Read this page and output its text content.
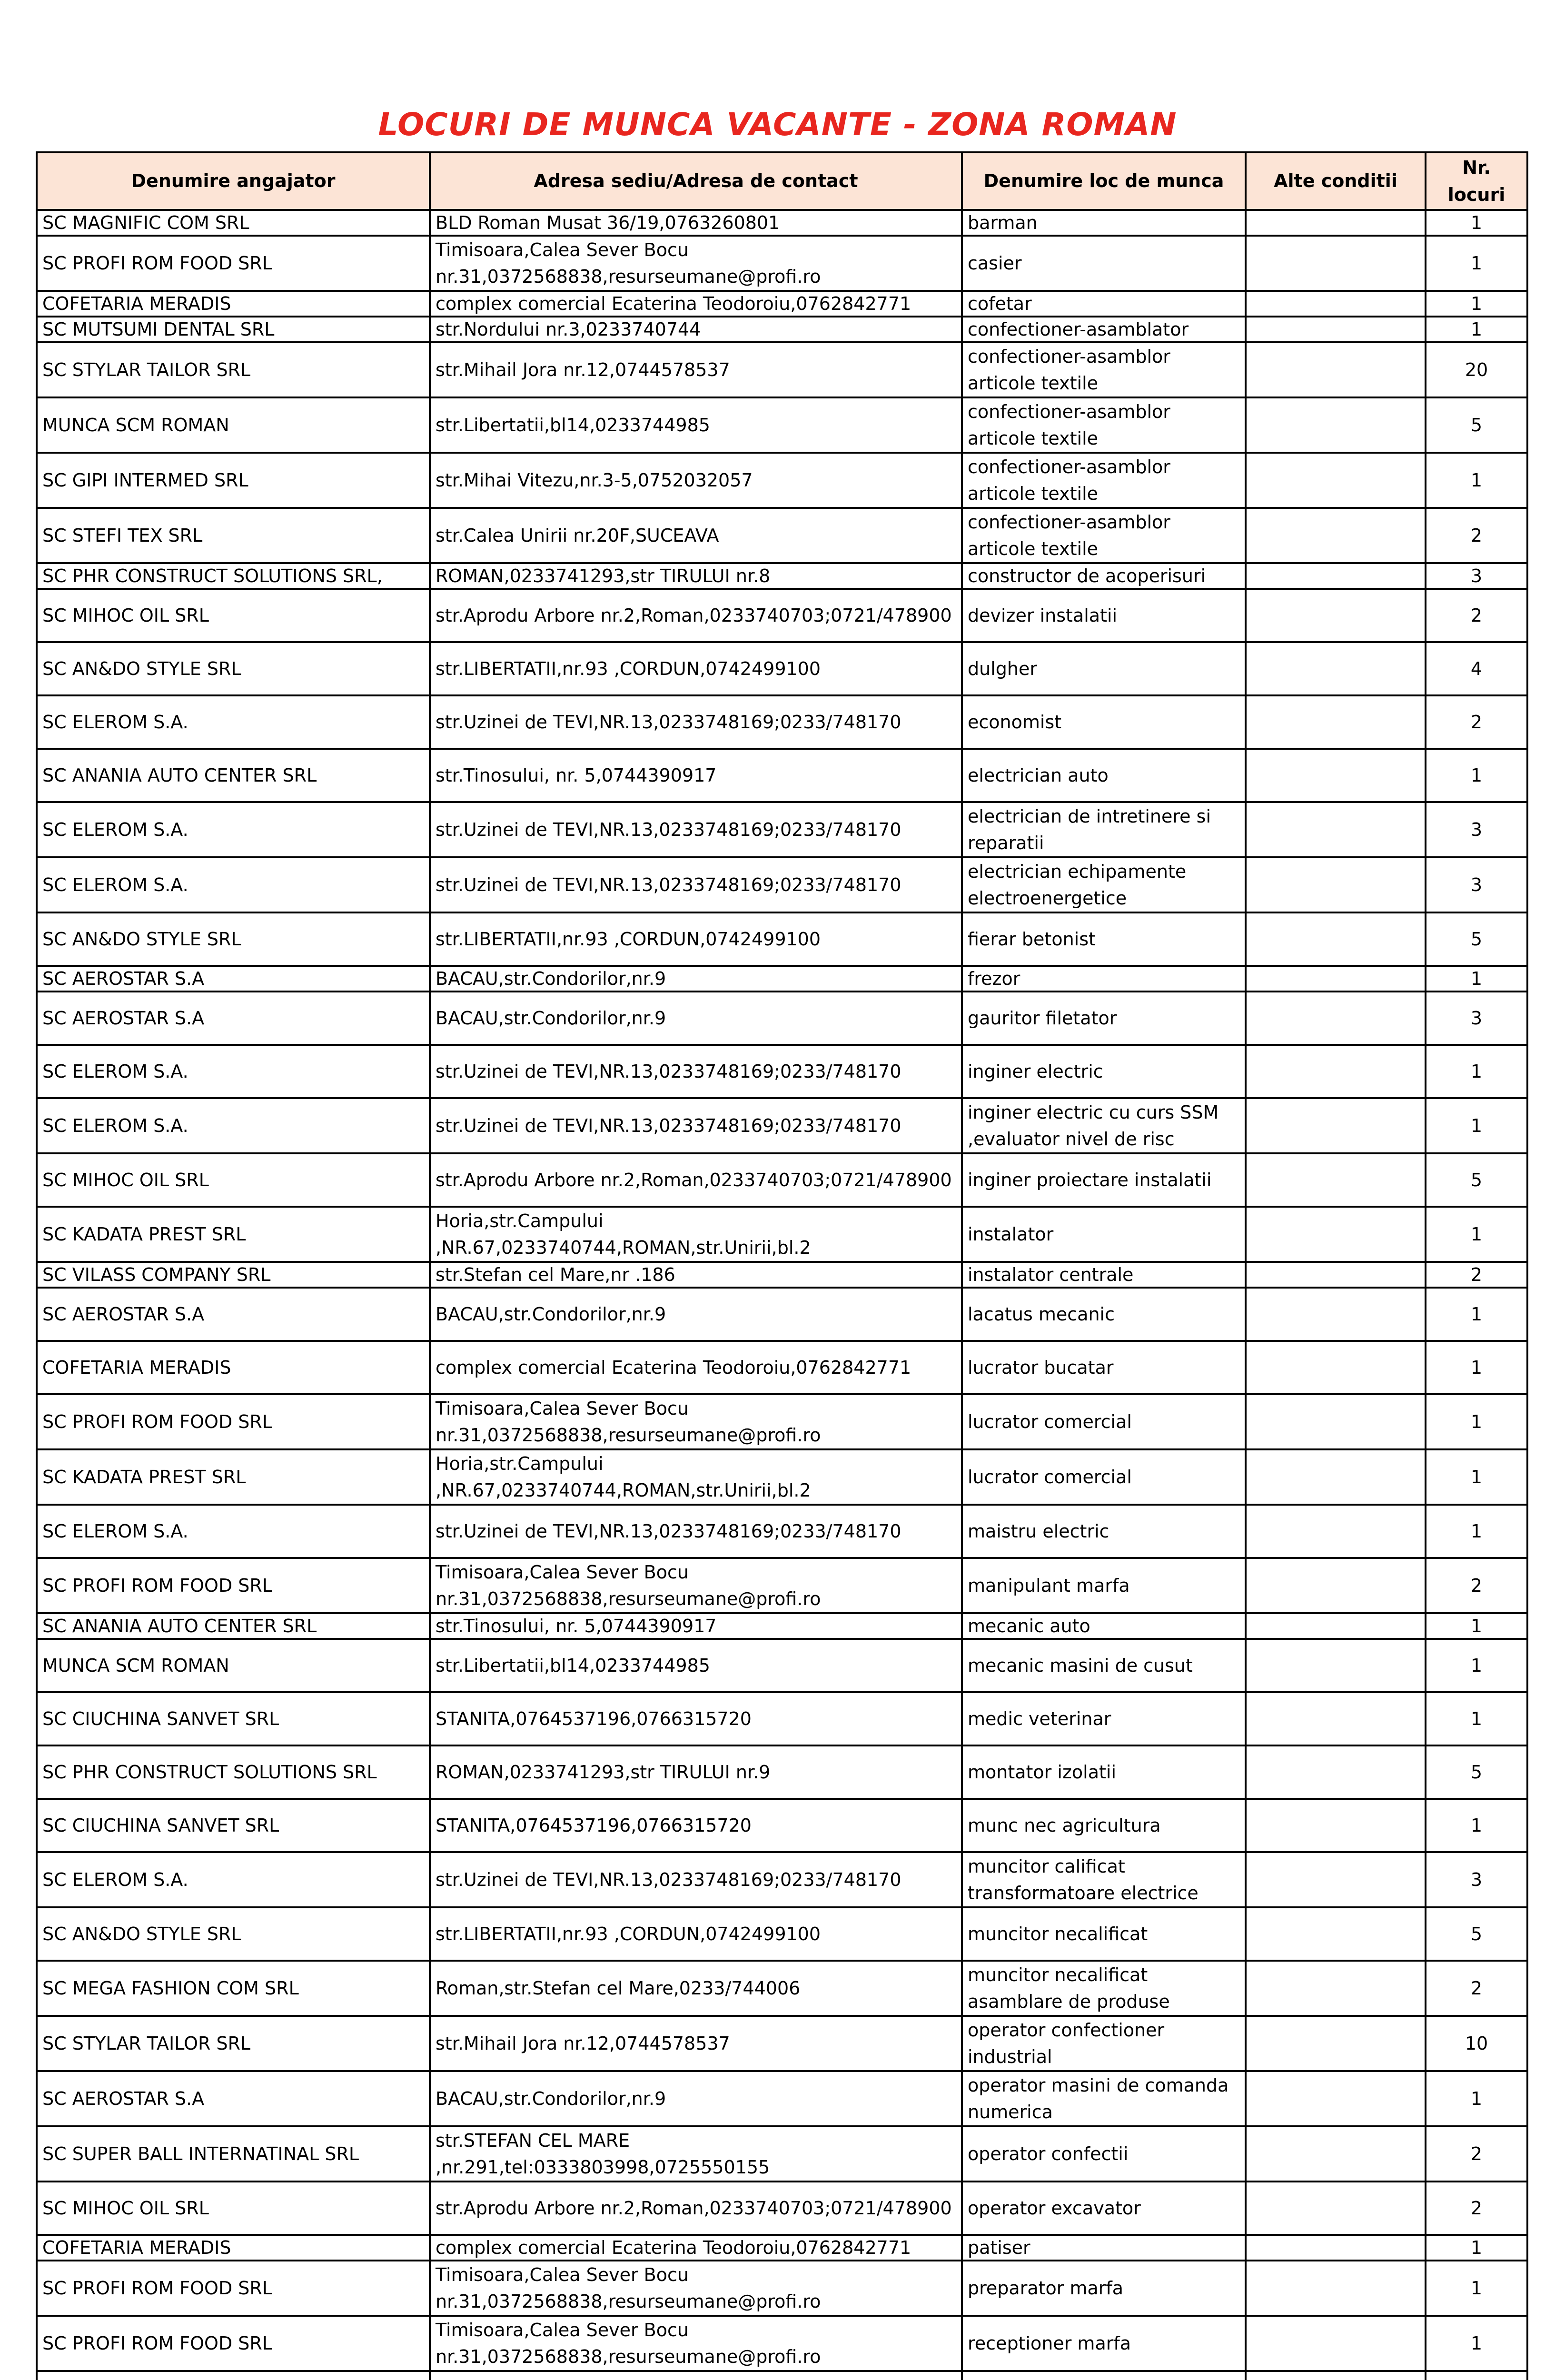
LOCURI DE MUNCA VACANTE - ZONA ROMAN
Denumire angajator	Adresa sediu/Adresa de contact	Denumire loc de munca	Alte conditii	Nr. locuri
SC MAGNIFIC COM SRL	BLD Roman Musat 36/19,0763260801	barman		1
SC PROFI ROM FOOD SRL	Timisoara,Calea Sever Bocu nr.31,0372568838,resurseumane@profi.ro	casier		1
COFETARIA MERADIS	complex comercial Ecaterina Teodoroiu,0762842771	cofetar		1
SC MUTSUMI DENTAL SRL	str.Nordului nr.3,0233740744	confectioner-asamblator		1
SC STYLAR TAILOR SRL	str.Mihail Jora nr.12,0744578537	confectioner-asamblor articole textile		20
MUNCA SCM ROMAN	str.Libertatii,bl14,0233744985	confectioner-asamblor articole textile		5
SC GIPI INTERMED SRL	str.Mihai Vitezu,nr.3-5,0752032057	confectioner-asamblor articole textile		1
SC STEFI TEX SRL	str.Calea Unirii nr.20F,SUCEAVA	confectioner-asamblor articole textile		2
SC PHR CONSTRUCT SOLUTIONS SRL,	ROMAN,0233741293,str TIRULUI nr.8	constructor de acoperisuri		3
SC MIHOC OIL SRL	str.Aprodu Arbore nr.2,Roman,0233740703;0721/478900	devizer instalatii		2
SC AN&DO STYLE SRL	str.LIBERTATII,nr.93 ,CORDUN,0742499100	dulgher		4
SC ELEROM S.A.	str.Uzinei de TEVI,NR.13,0233748169;0233/748170	economist		2
SC ANANIA AUTO CENTER SRL	str.Tinosului, nr. 5,0744390917	electrician auto		1
SC ELEROM S.A.	str.Uzinei de TEVI,NR.13,0233748169;0233/748170	electrician de intretinere si reparatii		3
SC ELEROM S.A.	str.Uzinei de TEVI,NR.13,0233748169;0233/748170	electrician echipamente electroenergetice		3
SC AN&DO STYLE SRL	str.LIBERTATII,nr.93 ,CORDUN,0742499100	fierar betonist		5
SC AEROSTAR S.A	BACAU,str.Condorilor,nr.9	frezor		1
SC AEROSTAR S.A	BACAU,str.Condorilor,nr.9	gauritor filetator		3
SC ELEROM S.A.	str.Uzinei de TEVI,NR.13,0233748169;0233/748170	inginer electric		1
SC ELEROM S.A.	str.Uzinei de TEVI,NR.13,0233748169;0233/748170	inginer electric cu curs SSM ,evaluator nivel de risc		1
SC MIHOC OIL SRL	str.Aprodu Arbore nr.2,Roman,0233740703;0721/478900	inginer proiectare instalatii		5
SC KADATA PREST SRL	Horia,str.Campului ,NR.67,0233740744,ROMAN,str.Unirii,bl.2	instalator		1
SC VILASS COMPANY SRL	str.Stefan cel Mare,nr .186	instalator centrale		2
SC AEROSTAR S.A	BACAU,str.Condorilor,nr.9	lacatus mecanic		1
COFETARIA MERADIS	complex comercial Ecaterina Teodoroiu,0762842771	lucrator bucatar		1
SC PROFI ROM FOOD SRL	Timisoara,Calea Sever Bocu nr.31,0372568838,resurseumane@profi.ro	lucrator comercial		1
SC KADATA PREST SRL	Horia,str.Campului ,NR.67,0233740744,ROMAN,str.Unirii,bl.2	lucrator comercial		1
SC ELEROM S.A.	str.Uzinei de TEVI,NR.13,0233748169;0233/748170	maistru electric		1
SC PROFI ROM FOOD SRL	Timisoara,Calea Sever Bocu nr.31,0372568838,resurseumane@profi.ro	manipulant marfa		2
SC ANANIA AUTO CENTER SRL	str.Tinosului, nr. 5,0744390917	mecanic auto		1
MUNCA SCM ROMAN	str.Libertatii,bl14,0233744985	mecanic masini de cusut		1
SC CIUCHINA SANVET SRL	STANITA,0764537196,0766315720	medic veterinar		1
SC PHR CONSTRUCT SOLUTIONS SRL	ROMAN,0233741293,str TIRULUI nr.9	montator izolatii		5
SC CIUCHINA SANVET SRL	STANITA,0764537196,0766315720	munc nec agricultura		1
SC ELEROM S.A.	str.Uzinei de TEVI,NR.13,0233748169;0233/748170	muncitor calificat transformatoare electrice		3
SC AN&DO STYLE SRL	str.LIBERTATII,nr.93 ,CORDUN,0742499100	muncitor necalificat		5
SC MEGA FASHION COM SRL	Roman,str.Stefan cel Mare,0233/744006	muncitor necalificat asamblare de produse		2
SC STYLAR TAILOR SRL	str.Mihail Jora nr.12,0744578537	operator confectioner industrial		10
SC AEROSTAR S.A	BACAU,str.Condorilor,nr.9	operator masini de comanda numerica		1
SC SUPER BALL INTERNATINAL SRL	str.STEFAN CEL MARE ,nr.291,tel:0333803998,0725550155	operator confectii		2
SC MIHOC OIL SRL	str.Aprodu Arbore nr.2,Roman,0233740703;0721/478900	operator excavator		2
COFETARIA MERADIS	complex comercial Ecaterina Teodoroiu,0762842771	patiser		1
SC PROFI ROM FOOD SRL	Timisoara,Calea Sever Bocu nr.31,0372568838,resurseumane@profi.ro	preparator marfa		1
SC PROFI ROM FOOD SRL	Timisoara,Calea Sever Bocu nr.31,0372568838,resurseumane@profi.ro	receptioner marfa		1
